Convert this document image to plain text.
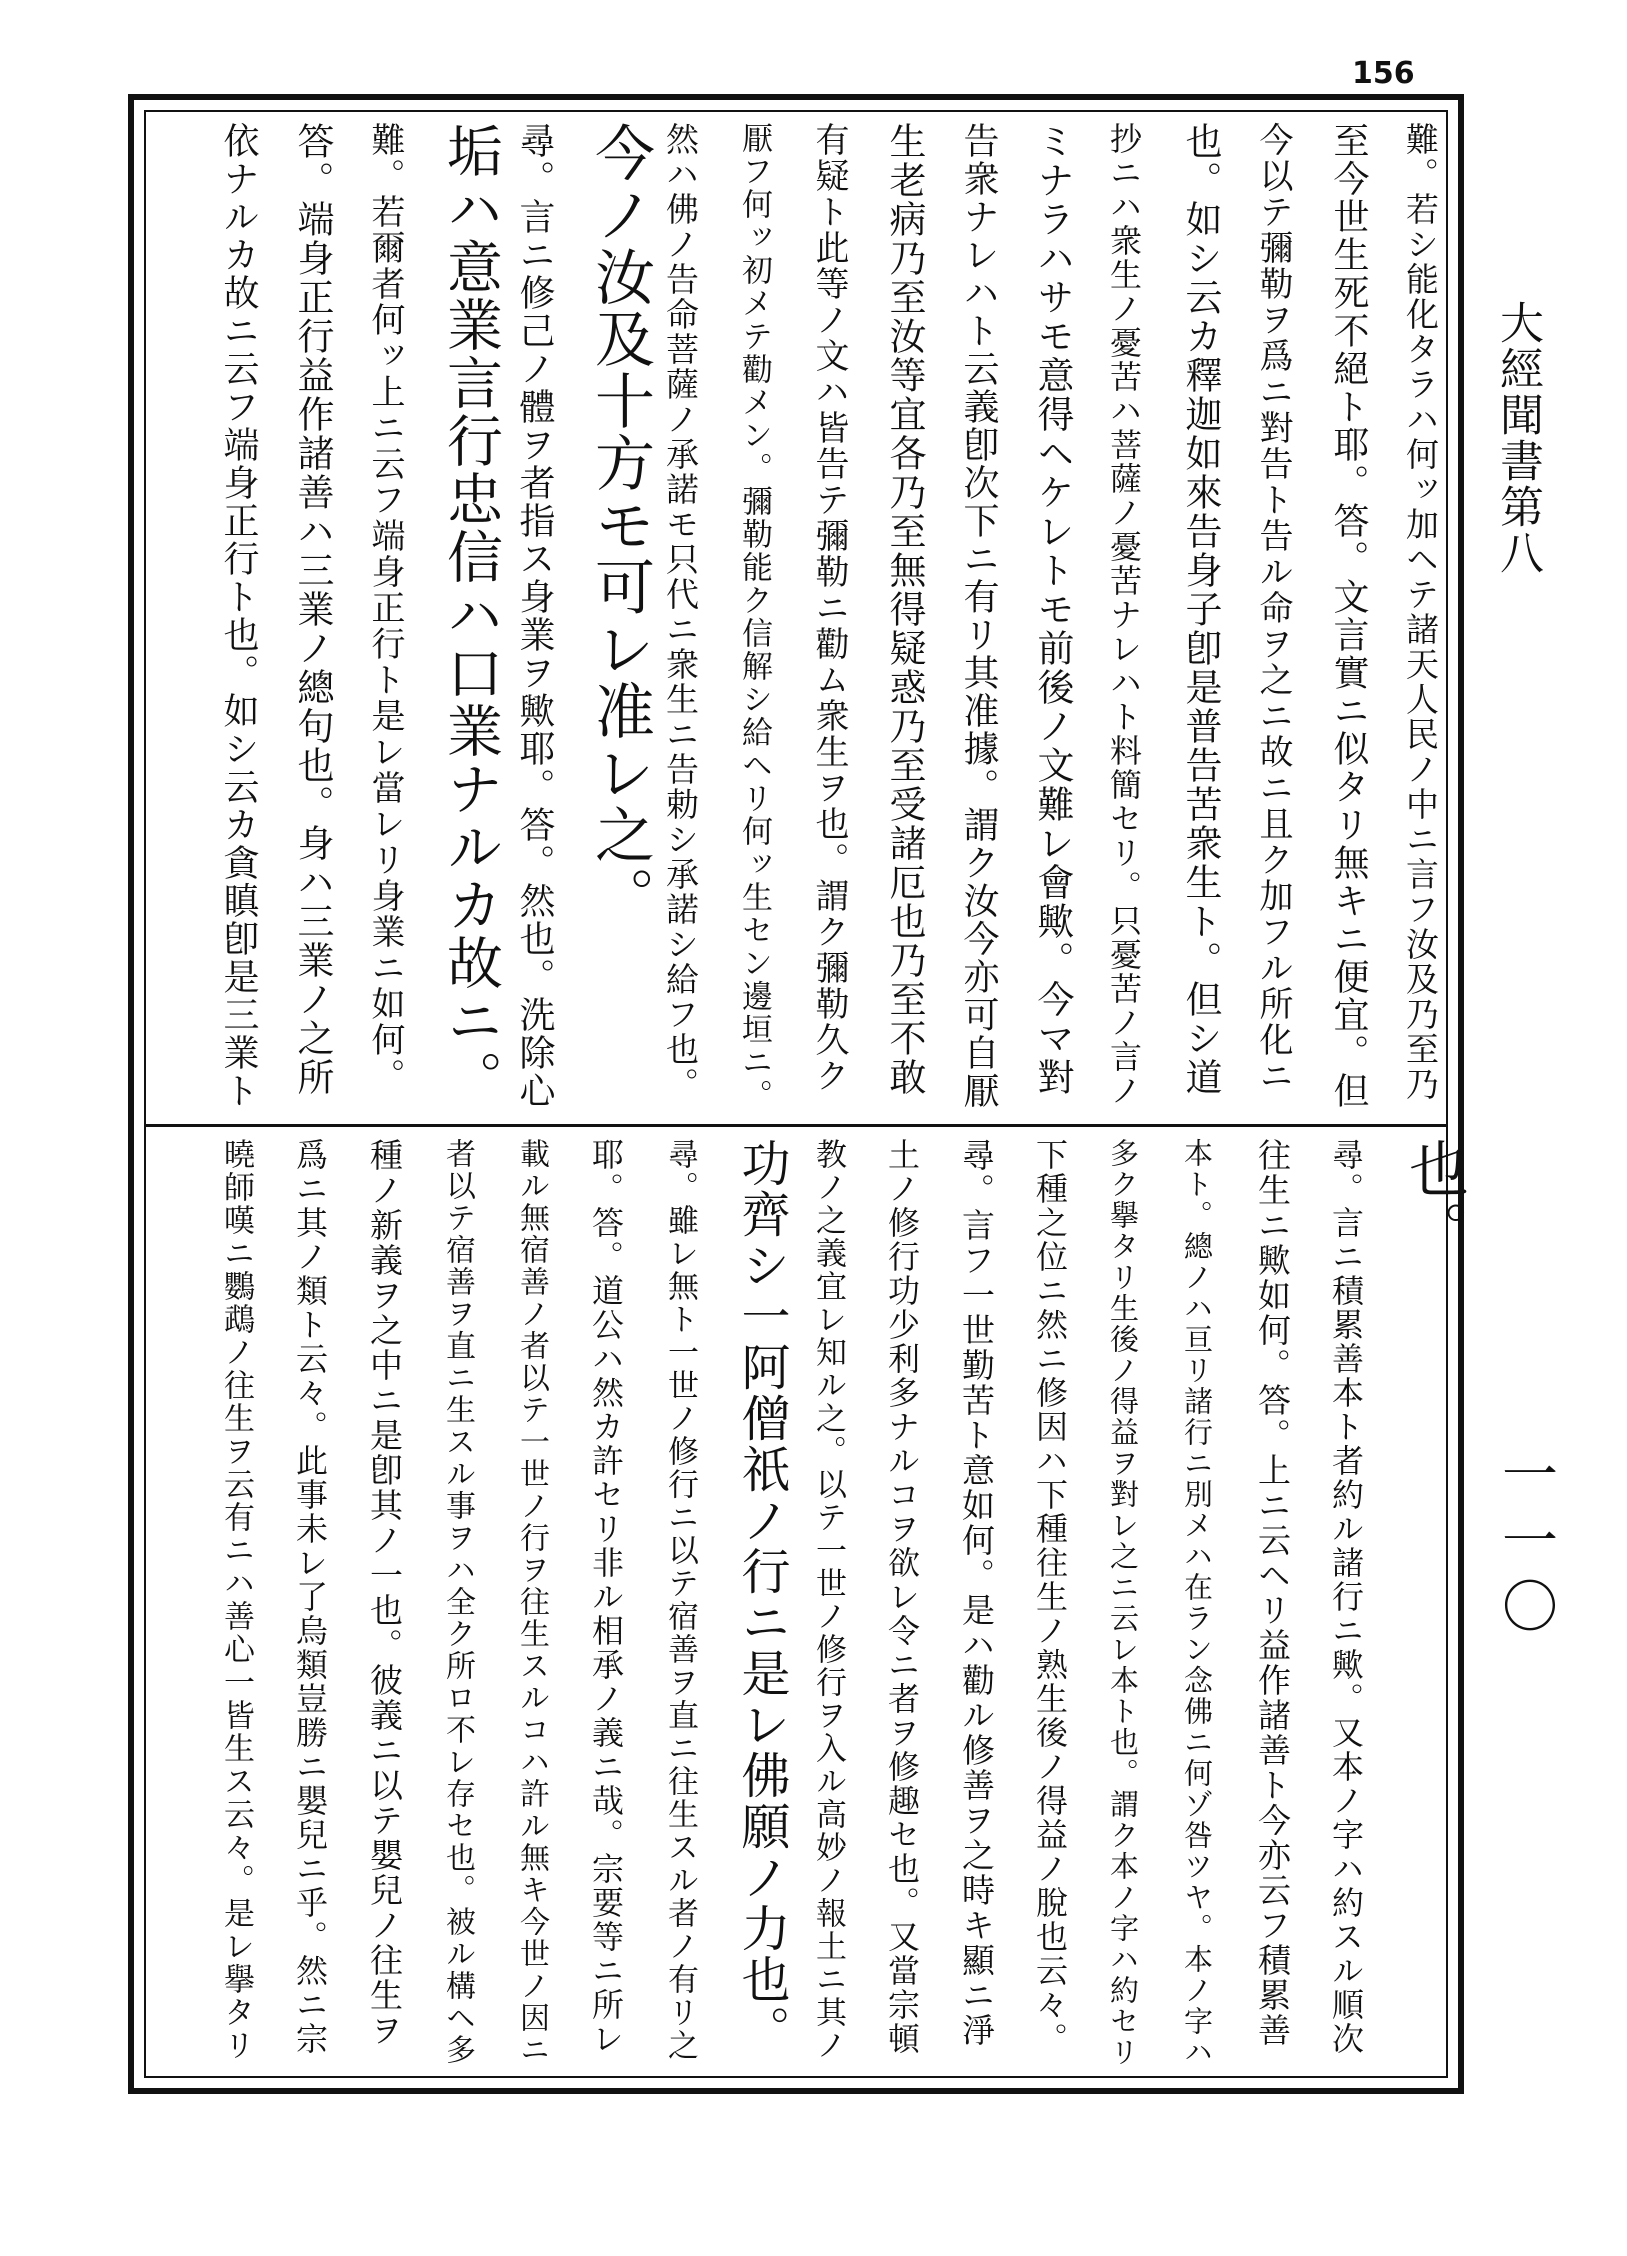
156
難。若シ能化タラハ何ッ加ヘテ諸天人民ノ中ニ言フ汝及乃至乃
至今世生死不絕ト耶。答。文言實ニ似タリ無キニ便宜。但
今以テ彌勒ヲ爲ニ對告ト告ル命ヲ之ニ故ニ且ク加フル所化ニ
也。如シ云カ釋迦如來告身子卽是普告苦衆生ト。但シ道
抄ニハ衆生ノ憂苦ハ菩薩ノ憂苦ナレハト料簡セリ。只憂苦ノ言ノ
ミナラハサモ意得ヘケレトモ前後ノ文難レ會歟。今マ對
告衆ナレハト云義卽次下ニ有リ其准據。謂ク汝今亦可自厭
生老病乃至汝等宜各乃至無得疑惑乃至受諸厄也乃至不敢
有疑ト此等ノ文ハ皆告テ彌勒ニ勸ム衆生ヲ也。謂ク彌勒久ク
厭フ何ッ初メテ勸メン。彌勒能ク信解シ給ヘリ何ッ生セン邊垣ニ。
然ハ佛ノ告命菩薩ノ承諾モ只代ニ衆生ニ告勅シ承諾シ給フ也。
今ノ汝及十方モ可レ准レ之。
尋。言ニ修己ノ體ヲ者指ス身業ヲ歟耶。答。然也。洗除心
垢ハ意業言行忠信ハ口業ナルカ故ニ。
難。若爾者何ッ上ニ云フ端身正行ト是レ當レリ身業ニ如何。
答。端身正行益作諸善ハ三業ノ總句也。身ハ三業ノ之所
依ナルカ故ニ云フ端身正行ト也。如シ云カ貪瞋卽是三業ト
也。
尋。言ニ積累善本ト者約ル諸行ニ歟。又本ノ字ハ約スル順次
往生ニ歟如何。答。上ニ云ヘリ益作諸善ト今亦云フ積累善
本ト。總ノハ亘リ諸行ニ別メハ在ラン念佛ニ何ゾ咎ツヤ。本ノ字ハ
多ク擧タリ生後ノ得益ヲ對レ之ニ云レ本ト也。謂ク本ノ字ハ約セリ
下種之位ニ然ニ修因ハ下種往生ノ熟生後ノ得益ノ脫也云々。
尋。言フ一世勤苦ト意如何。是ハ勸ル修善ヲ之時キ顯ニ淨
土ノ修行功少利多ナルコヲ欲レ令ニ者ヲ修趣セ也。又當宗頓
教ノ之義宜レ知ル之。以テ一世ノ修行ヲ入ル高妙ノ報土ニ其ノ
功齊シ一阿僧祇ノ行ニ是レ佛願ノ力也。
尋。雖レ無ト一世ノ修行ニ以テ宿善ヲ直ニ往生スル者ノ有リ之
耶。答。道公ハ然カ許セリ非ル相承ノ義ニ哉。宗要等ニ所レ
載ル無宿善ノ者以テ一世ノ行ヲ往生スルコハ許ル無キ今世ノ因ニ
者以テ宿善ヲ直ニ生スル事ヲハ全ク所ロ不レ存セ也。被ル構ヘ多
種ノ新義ヲ之中ニ是卽其ノ一也。彼義ニ以テ嬰兒ノ往生ヲ
爲ニ其ノ類ト云々。此事未レ了烏類豈勝ニ嬰兒ニ乎。然ニ宗
曉師嘆ニ鸚鵡ノ往生ヲ云有ニハ善心一皆生ス云々。是レ擧タリ
大經聞書第八
一一〇
